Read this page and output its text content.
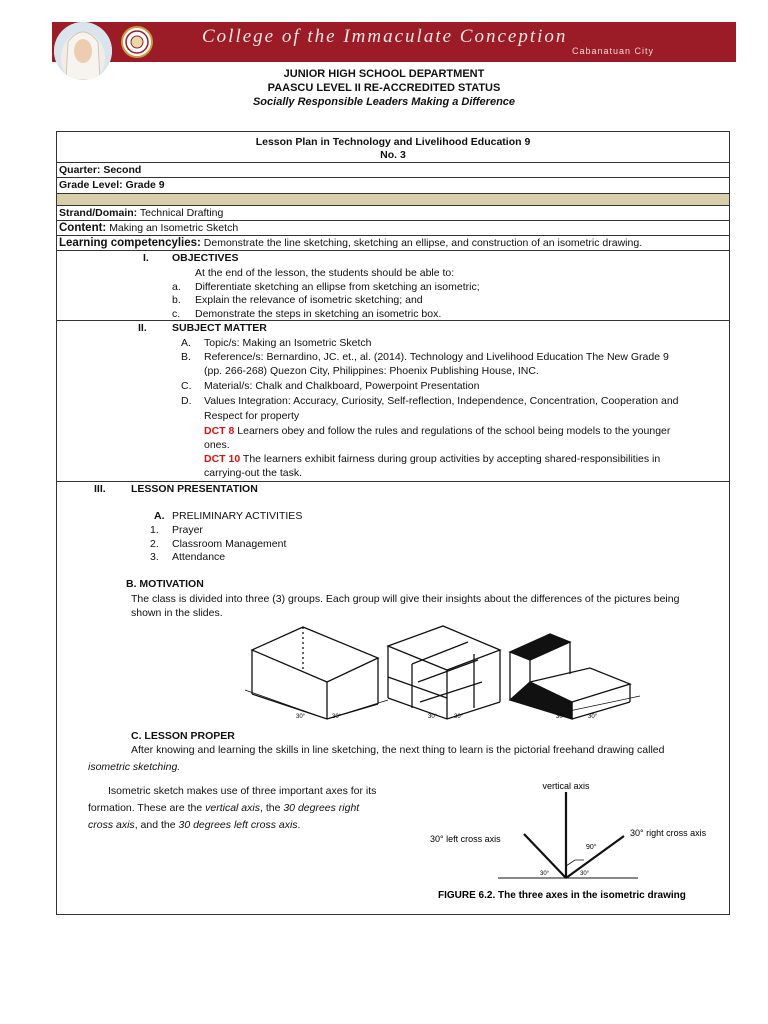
College of the Immaculate Conception
Cabanatuan City
JUNIOR HIGH SCHOOL DEPARTMENT
PAASCU LEVEL II RE-ACCREDITED STATUS
Socially Responsible Leaders Making a Difference
Lesson Plan in Technology and Livelihood Education 9
No. 3
Quarter: Second
Grade Level: Grade 9
Strand/Domain: Technical Drafting
Content: Making an Isometric Sketch
Learning competencylies: Demonstrate the line sketching, sketching an ellipse, and construction of an isometric drawing.
I. OBJECTIVES
At the end of the lesson, the students should be able to:
a. Differentiate sketching an ellipse from sketching an isometric;
b. Explain the relevance of isometric sketching; and
c. Demonstrate the steps in sketching an isometric box.
II. SUBJECT MATTER
A. Topic/s: Making an Isometric Sketch
B. Reference/s: Bernardino, JC. et., al. (2014). Technology and Livelihood Education The New Grade 9
(pp. 266-268) Quezon City, Philippines: Phoenix Publishing House, INC.
C. Material/s: Chalk and Chalkboard, Powerpoint Presentation
D. Values Integration: Accuracy, Curiosity, Self-reflection, Independence, Concentration, Cooperation and
Respect for property
DCT 8 Learners obey and follow the rules and regulations of the school being models to the younger
ones.
DCT 10 The learners exhibit fairness during group activities by accepting shared-responsibilities in
carrying-out the task.
III. LESSON PRESENTATION
A. PRELIMINARY ACTIVITIES
1. Prayer
2. Classroom Management
3. Attendance
B. MOTIVATION
The class is divided into three (3) groups. Each group will give their insights about the differences of the pictures being
shown in the slides.
30°	30°	30°	30°	30°	30°
C. LESSON PROPER
After knowing and learning the skills in line sketching, the next thing to learn is the pictorial freehand drawing called
isometric sketching.
Isometric sketch makes use of three important axes for its
formation. These are the vertical axis, the 30 degrees right
cross axis, and the 30 degrees left cross axis.
vertical axis
30° left cross axis
30° right cross axis
90°
30°	30°
FIGURE 6.2. The three axes in the isometric drawing
